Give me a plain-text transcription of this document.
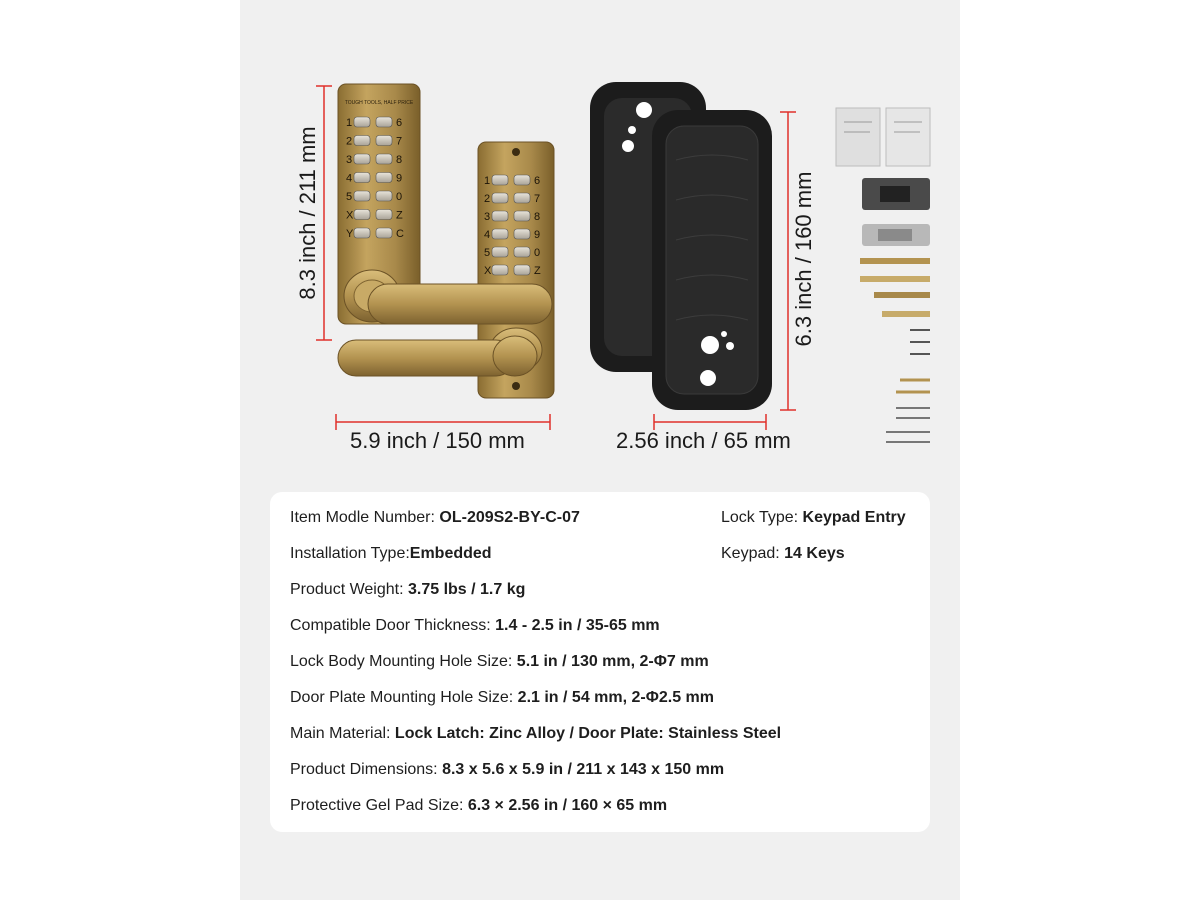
TOUGH TOOLS, HALF PRICE
1	6
2	7
3	8
4	9
5	0
X	Z
Y	C
1	6
2	7
3	8
4	9
5	0
X	Z
8.3 inch / 211 mm
5.9 inch / 150 mm
6.3 inch / 160 mm
2.56 inch / 65 mm
Item Modle Number: OL-209S2-BY-C-07	Lock Type: Keypad Entry
Installation Type:Embedded	Keypad: 14 Keys
Product Weight: 3.75 lbs / 1.7 kg
Compatible Door Thickness: 1.4 - 2.5 in / 35-65 mm
Lock Body Mounting Hole Size: 5.1 in / 130 mm, 2-Φ7 mm
Door Plate Mounting Hole Size: 2.1 in / 54 mm, 2-Φ2.5 mm
Main Material: Lock Latch: Zinc Alloy / Door Plate: Stainless Steel
Product Dimensions: 8.3 x 5.6 x 5.9 in / 211 x 143 x 150 mm
Protective Gel Pad Size: 6.3 × 2.56 in / 160 × 65 mm
